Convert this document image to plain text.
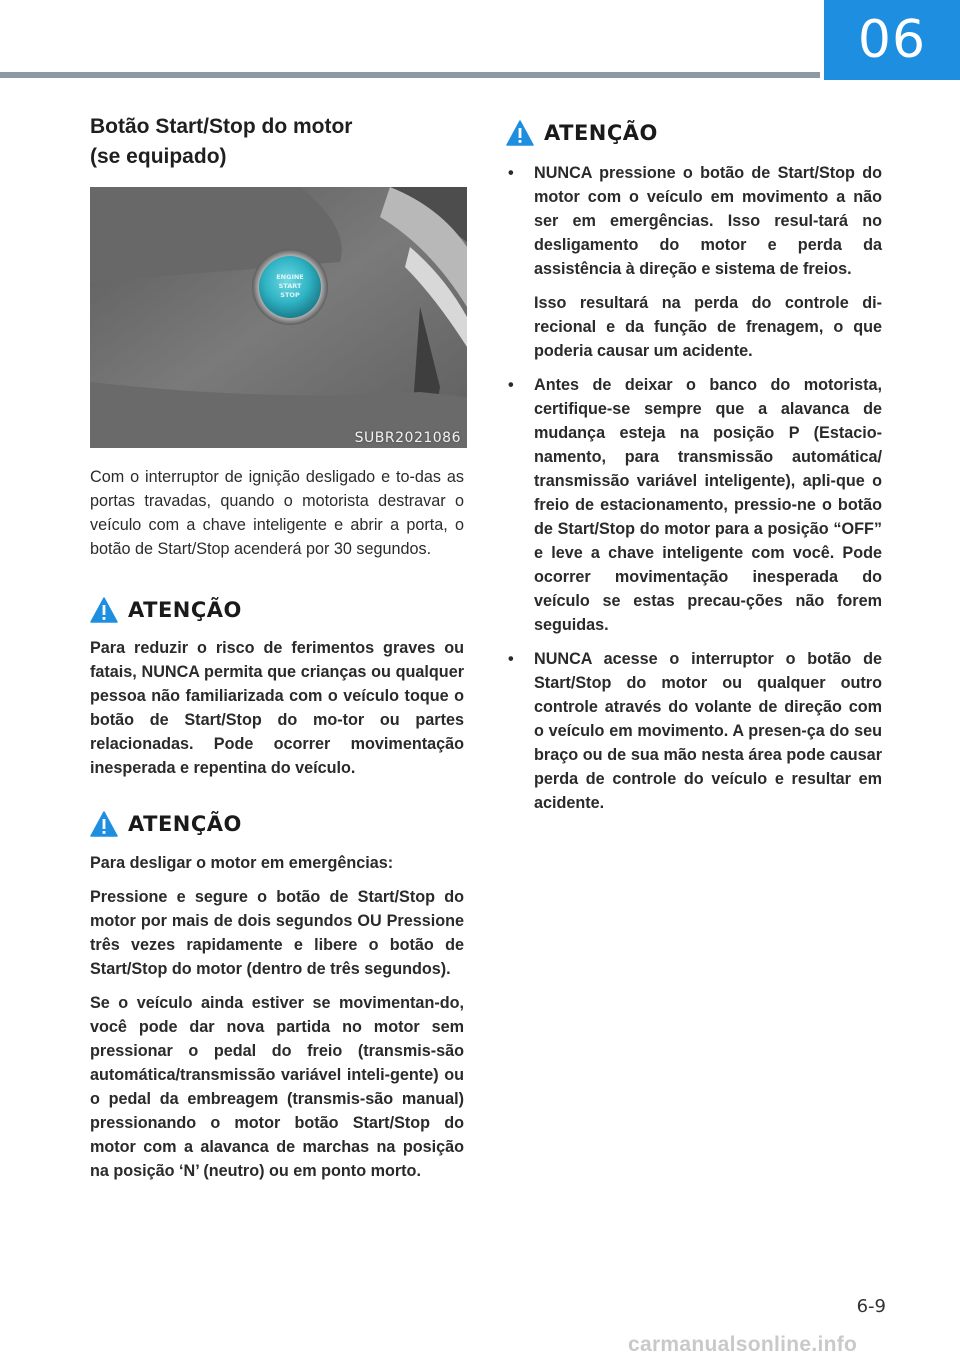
06
Botão Start/Stop do motor
(se equipado)
ENGINE
START
STOP
SUBR2021086

Com o interruptor de ignição desligado e to-das as portas travadas, quando o motorista destravar o veículo com a chave inteligente e abrir a porta, o botão de Start/Stop acenderá por 30 segundos.

ATENÇÃO

Para reduzir o risco de ferimentos graves ou fatais, NUNCA permita que crianças ou qualquer pessoa não familiarizada com o veículo toque o botão de Start/Stop do mo-tor ou partes relacionadas. Pode ocorrer movimentação inesperada e repentina do veículo.

ATENÇÃO

Para desligar o motor em emergências:

Pressione e segure o botão de Start/Stop do motor por mais de dois segundos OU Pressione três vezes rapidamente e libere o botão de Start/Stop do motor (dentro de três segundos).

Se o veículo ainda estiver se movimentan-do, você pode dar nova partida no motor sem pressionar o pedal do freio (transmis-são automática/transmissão variável inteli-gente) ou o pedal da embreagem (transmis-são manual) pressionando o motor botão Start/Stop do motor com a alavanca de marchas na posição na posição ‘N’ (neutro) ou em ponto morto.

ATENÇÃO
• NUNCA pressione o botão de Start/Stop do motor com o veículo em movimento a não ser em emergências. Isso resul-tará no desligamento do motor e perda da assistência à direção e sistema de freios.

Isso resultará na perda do controle di-recional e da função de frenagem, o que poderia causar um acidente.

• Antes de deixar o banco do motorista, certifique-se sempre que a alavanca de mudança esteja na posição P (Estacio-namento, para transmissão automática/ transmissão variável inteligente), apli-que o freio de estacionamento, pressio-ne o botão de Start/Stop do motor para a posição “OFF” e leve a chave inteligente com você. Pode ocorrer movimentação inesperada do veículo se estas precau-ções não forem seguidas.

• NUNCA acesse o interruptor o botão de Start/Stop do motor ou qualquer outro controle através do volante de direção com o veículo em movimento. A presen-ça do seu braço ou de sua mão nesta área pode causar perda de controle do veículo e resultar em acidente.

6-9
carmanualsonline.info
